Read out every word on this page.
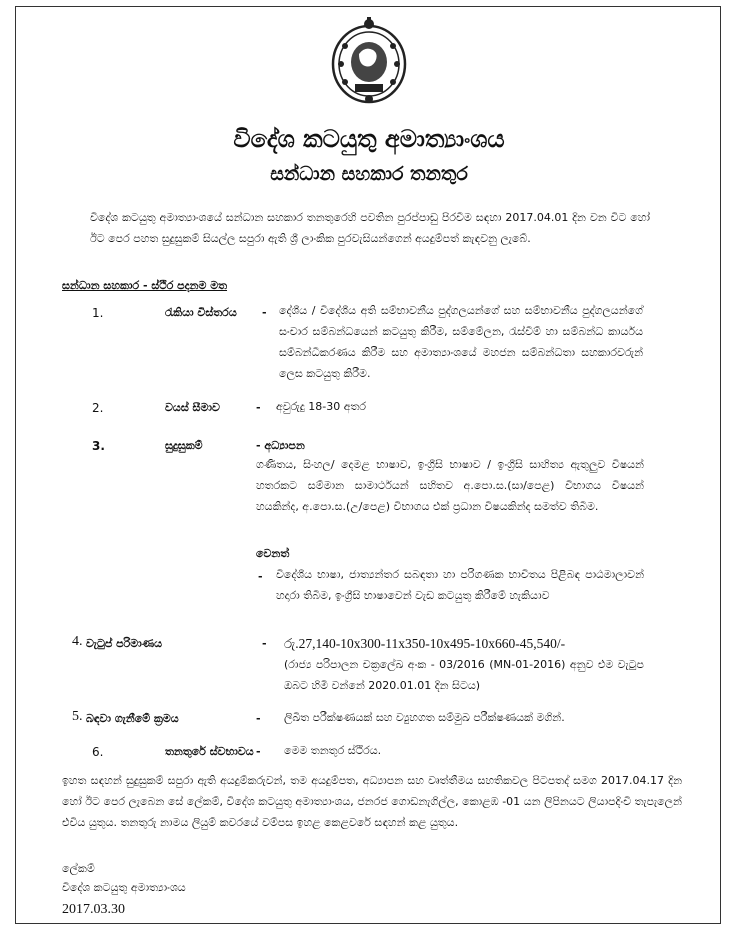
විදේශ කටයුතු අමාත්‍යාංශය
සන්ධාන සහකාර තනතුර
විදේශ කටයුතු අමාත්‍යාංශයේ සන්ධාන සහකාර තනතුරෙහි පවතින පුරප්පාඩු පිරවීම සඳහා 2017.04.01 දින වන විට හෝ ඊට පෙර පහත සුදුසුකම් සියල්ල සපුරා ඇති ශ්‍රී ලාංකික පුරවැසියන්ගෙන් අයදුම්පත් කැඳවනු ලැබේ.
සන්ධාන සහකාර - ස්ථිර පදනම මත
1.	රැකියා විස්තරය - දේශීය / විදේශීය අති සම්භාවනීය පුද්ගලයන්ගේ සහ සම්භාවනීය පුද්ගලයන්ගේ සංචාර සම්බන්ධයෙන් කටයුතු කිරීම, සම්මේලන, රැස්වීම් හා සම්බන්ධ කාර්යය සම්බන්ධීකරණය කිරීම සහ අමාත්‍යාංශයේ මහජන සම්බන්ධතා සහකාරවරුන් ලෙස කටයුතු කිරීම.
2.	වයස් සීමාව	- අවුරුදු 18-30 අතර
3.	සුදුසුකම්	- අධ්‍යාපන
ගණිතය, සිංහල/ දෙමළ භාෂාව, ඉංග්‍රීසි භාෂාව / ඉංග්‍රීසි සාහිත්‍ය ඇතුලුව විෂයන් හතරකට සම්මාන සාමාර්ථයන් සහිතව අ.පො.ස.(සා/පෙළ) විභාගය විෂයන් හයකින්ද, අ.පො.ස.(උ/පෙළ) විභාගය එක් ප්‍රධාන විෂයකින්ද සමත්ව තිබීම.
වෙනත්
- විදේශීය භාෂා, ජාත්‍යන්තර සබඳතා හා පරිගණක භාවිතය පිළිබඳ පාඨමාලාවන් හදාරා තිබීම, ඉංග්‍රීසි භාෂාවෙන් වැඩ කටයුතු කිරීමේ හැකියාව
4. වැටුප් පරිමාණය	- රු.27,140-10x300-11x350-10x495-10x660-45,540/-
(රාජ්‍ය පරිපාලන චක්‍රලේඛ අංක - 03/2016 (MN-01-2016) අනුව එම වැටුප ඔබට හිමි වන්නේ 2020.01.01 දින සිටය)
5. බඳවා ගැනීමේ ක්‍රමය	- ලිඛිත පරීක්ෂණයක් සහ ව්‍යුහගත සම්මුඛ පරීක්ෂණයක් මගින්.
6.	තනතුරේ ස්වභාවය - මෙම තනතුර ස්ථිරය.
ඉහත සඳහන් සුදුසුකම් සපුරා ඇති අයදුම්කරුවන්, තම අයදුම්පත, අධ්‍යාපන සහ වෘත්තීමය සහතිකවල පිටපතද් සමග 2017.04.17 දින හෝ ඊට පෙර ලැබෙන සේ ලේකම්, විදේශ කටයුතු අමාත්‍යාංශය, ජනරජ ගොඩනැගිල්ල, කොළඹ -01 යන ලිපිනයට ලියාපදිංචි තැපැලෙන් එවිය යුතුය. තනතුරු නාමය ලියුම් කවරයේ වම්පස ඉහළ කෙළවරේ සඳහන් කළ යුතුය.
ලේකම්
විදේශ කටයුතු අමාත්‍යාංශය
2017.03.30
